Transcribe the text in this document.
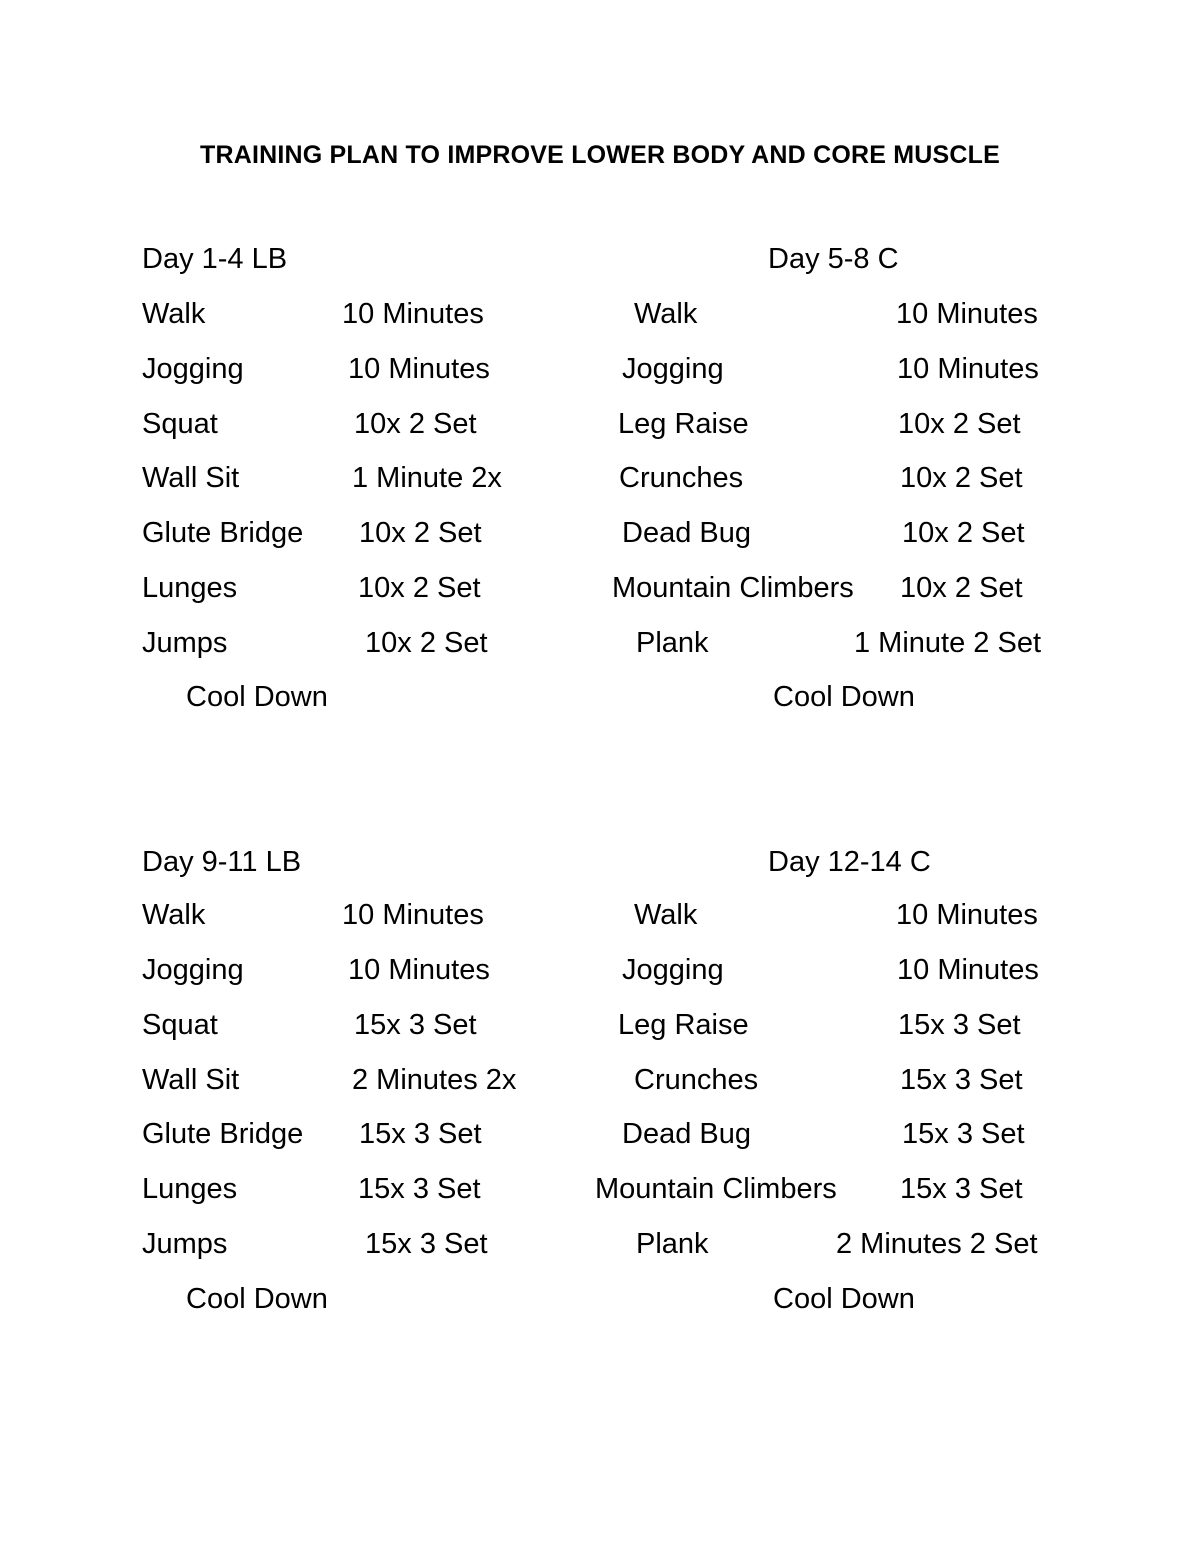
TRAINING PLAN TO IMPROVE LOWER BODY AND CORE MUSCLE
Day 1-4 LB
Walk	10 Minutes
Jogging	10 Minutes
Squat	10x 2 Set
Wall Sit	1 Minute 2x
Glute Bridge 10x 2 Set
Lunges	10x 2 Set
Jumps	10x 2 Set
Cool Down
Day 5-8 C
Walk	10 Minutes
Jogging	10 Minutes
Leg Raise	10x 2 Set
Crunches	10x 2 Set
Dead Bug	10x 2 Set
Mountain Climbers 10x 2 Set
Plank	1 Minute 2 Set
Cool Down
Day 9-11 LB
Walk	10 Minutes
Jogging	10 Minutes
Squat	15x 3 Set
Wall Sit	2 Minutes 2x
Glute Bridge 15x 3 Set
Lunges	15x 3 Set
Jumps	15x 3 Set
Cool Down
Day 12-14 C
Walk	10 Minutes
Jogging	10 Minutes
Leg Raise	15x 3 Set
Crunches	15x 3 Set
Dead Bug	15x 3 Set
Mountain Climbers 15x 3 Set
Plank	2 Minutes 2 Set
Cool Down
